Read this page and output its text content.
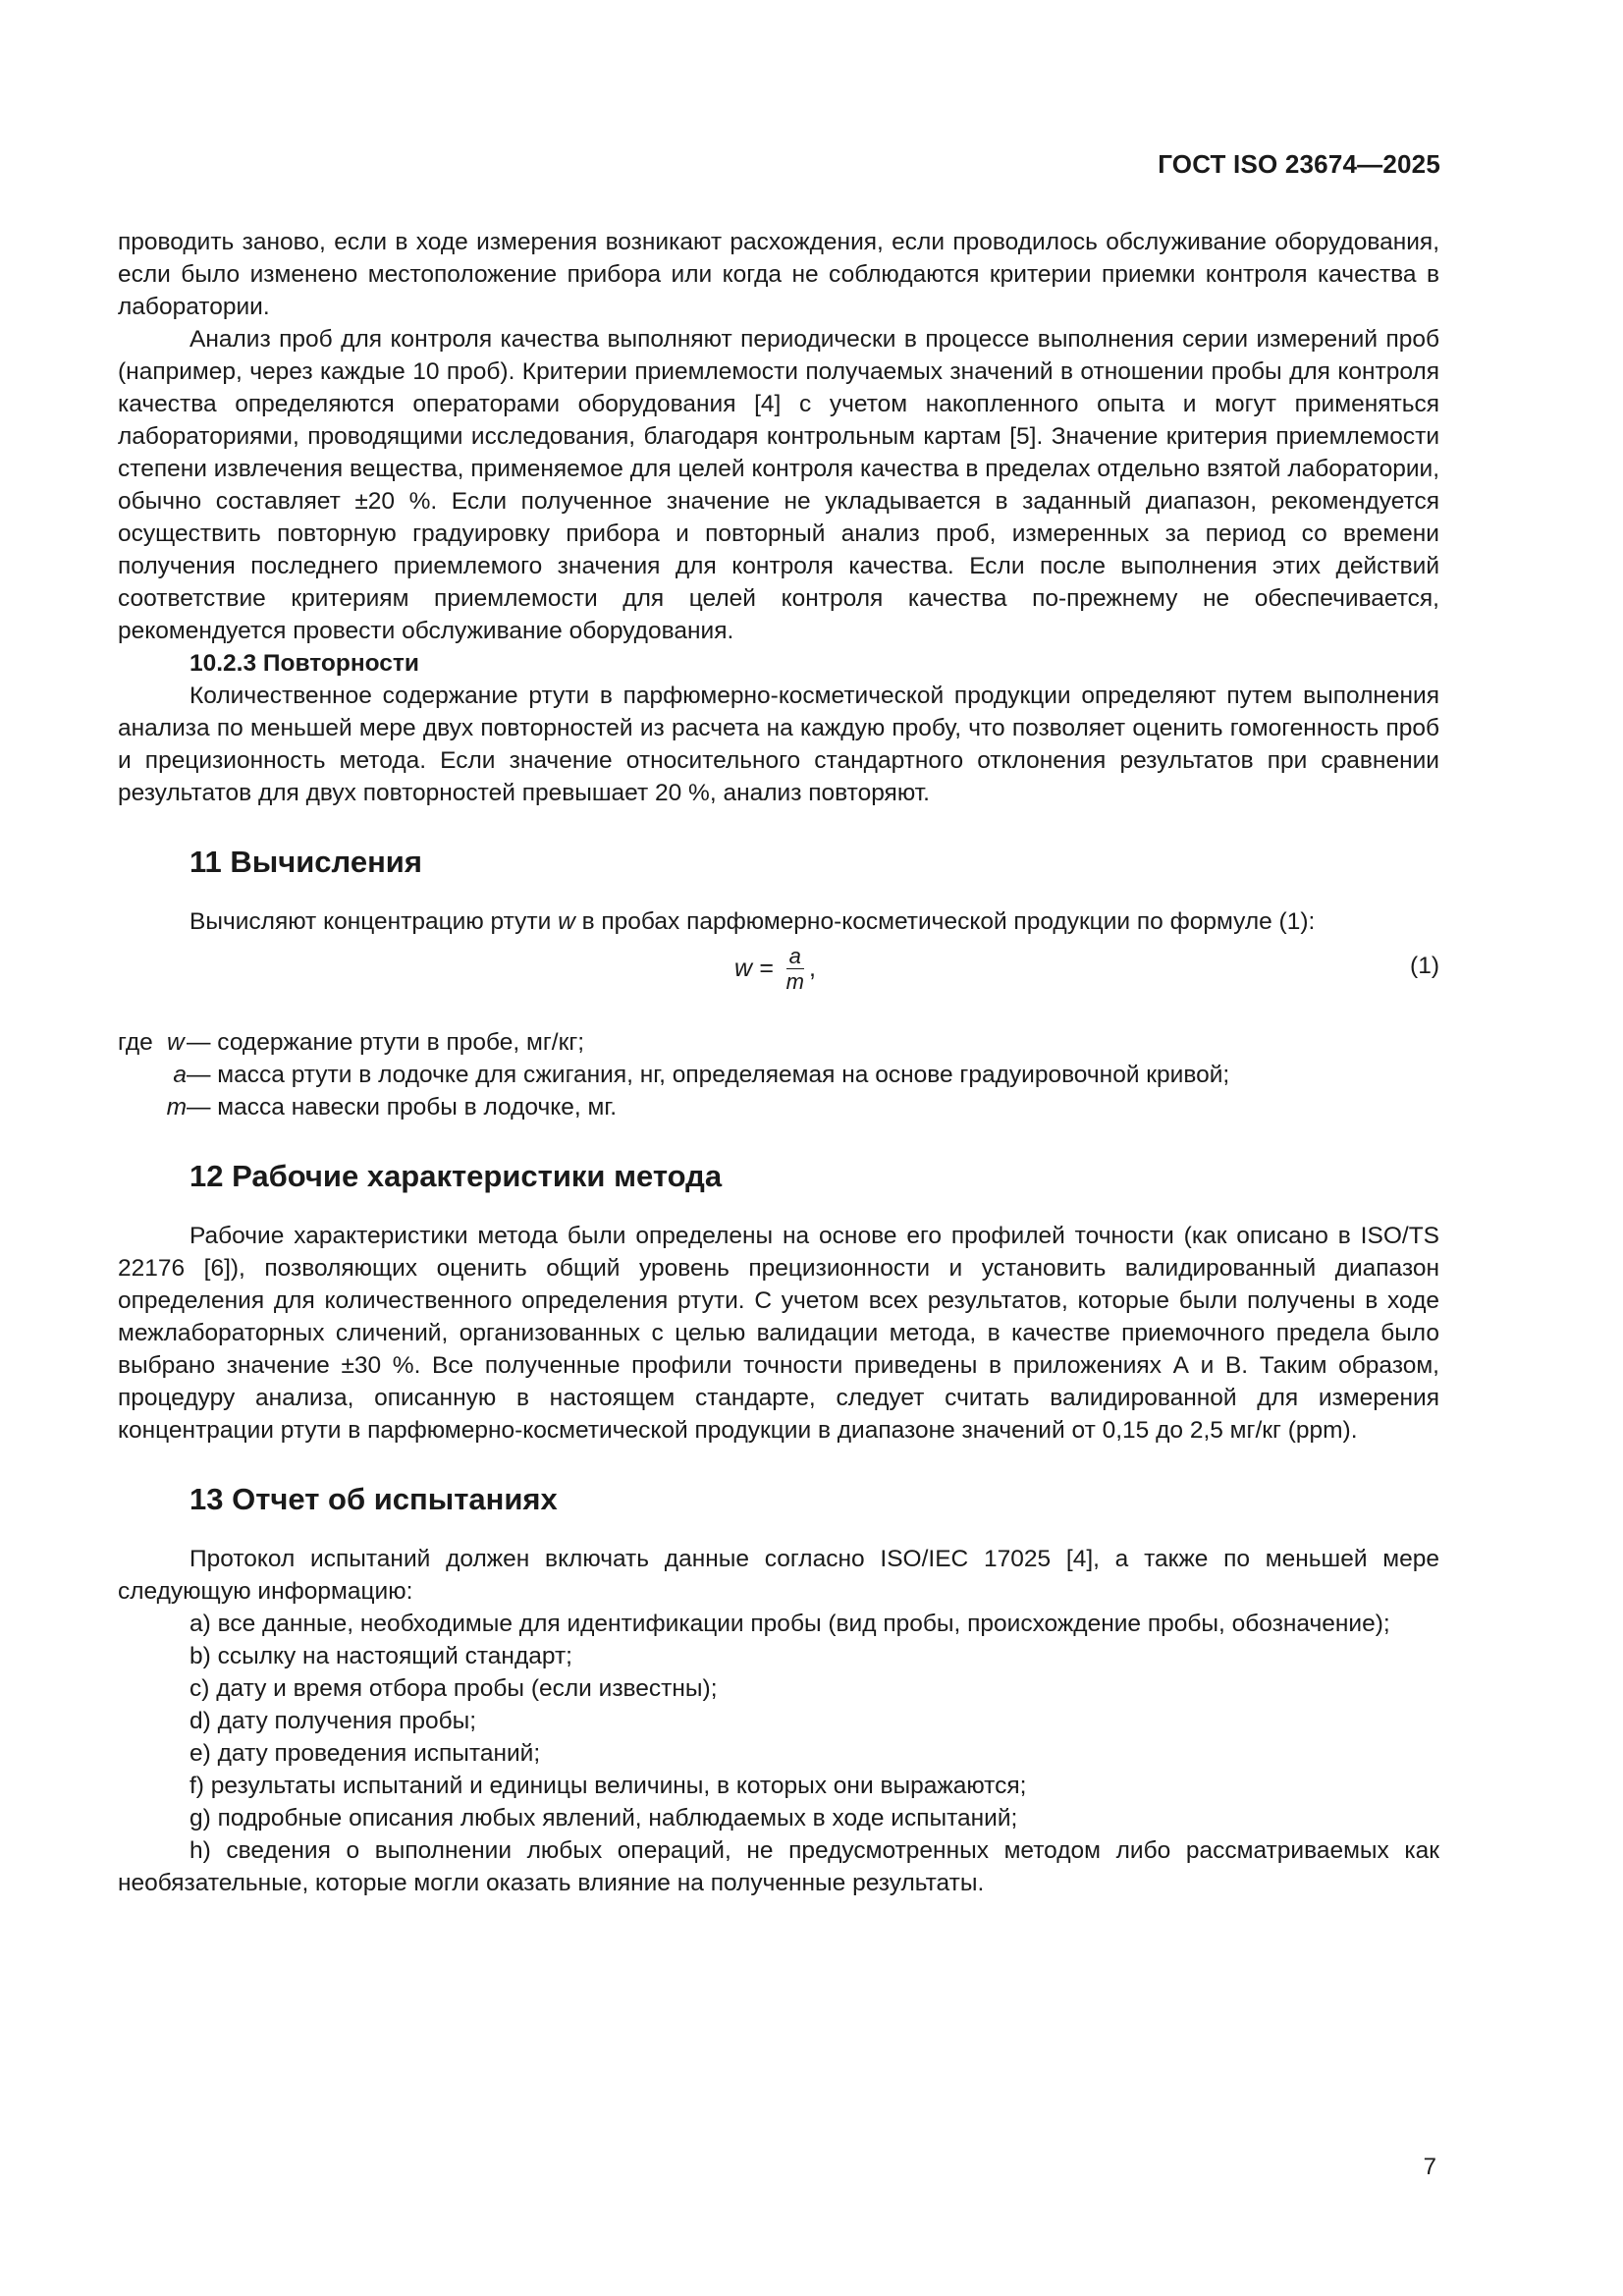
ГОСТ ISO 23674—2025

проводить заново, если в ходе измерения возникают расхождения, если проводилось обслуживание оборудования, если было изменено местоположение прибора или когда не соблюдаются критерии приемки контроля качества в лаборатории.

Анализ проб для контроля качества выполняют периодически в процессе выполнения серии измерений проб (например, через каждые 10 проб). Критерии приемлемости получаемых значений в отношении пробы для контроля качества определяются операторами оборудования [4] с учетом накопленного опыта и могут применяться лабораториями, проводящими исследования, благодаря контрольным картам [5]. Значение критерия приемлемости степени извлечения вещества, применяемое для целей контроля качества в пределах отдельно взятой лаборатории, обычно составляет ±20 %. Если полученное значение не укладывается в заданный диапазон, рекомендуется осуществить повторную градуировку прибора и повторный анализ проб, измеренных за период со времени получения последнего приемлемого значения для контроля качества. Если после выполнения этих действий соответствие критериям приемлемости для целей контроля качества по-прежнему не обеспечивается, рекомендуется провести обслуживание оборудования.

10.2.3 Повторности

Количественное содержание ртути в парфюмерно-косметической продукции определяют путем выполнения анализа по меньшей мере двух повторностей из расчета на каждую пробу, что позволяет оценить гомогенность проб и прецизионность метода. Если значение относительного стандартного отклонения результатов при сравнении результатов для двух повторностей превышает 20 %, анализ повторяют.

11 Вычисления

Вычисляют концентрацию ртути w в пробах парфюмерно-косметической продукции по формуле (1):

$w = \frac{a}{m}$ ,	(1)
где w — содержание ртути в пробе, мг/кг;
a — масса ртути в лодочке для сжигания, нг, определяемая на основе градуировочной кривой;
m — масса навески пробы в лодочке, мг.
12 Рабочие характеристики метода

Рабочие характеристики метода были определены на основе его профилей точности (как описано в ISO/TS 22176 [6]), позволяющих оценить общий уровень прецизионности и установить валидированный диапазон определения для количественного определения ртути. С учетом всех результатов, которые были получены в ходе межлабораторных сличений, организованных с целью валидации метода, в качестве приемочного предела было выбрано значение ±30 %. Все полученные профили точности приведены в приложениях А и В. Таким образом, процедуру анализа, описанную в настоящем стандарте, следует считать валидированной для измерения концентрации ртути в парфюмерно-косметической продукции в диапазоне значений от 0,15 до 2,5 мг/кг (ppm).

13 Отчет об испытаниях

Протокол испытаний должен включать данные согласно ISO/IEC 17025 [4], а также по меньшей мере следующую информацию:

a) все данные, необходимые для идентификации пробы (вид пробы, происхождение пробы, обозначение);

b) ссылку на настоящий стандарт;

c) дату и время отбора пробы (если известны);

d) дату получения пробы;

e) дату проведения испытаний;

f) результаты испытаний и единицы величины, в которых они выражаются;

g) подробные описания любых явлений, наблюдаемых в ходе испытаний;

h) сведения о выполнении любых операций, не предусмотренных методом либо рассматриваемых как необязательные, которые могли оказать влияние на полученные результаты.

7
